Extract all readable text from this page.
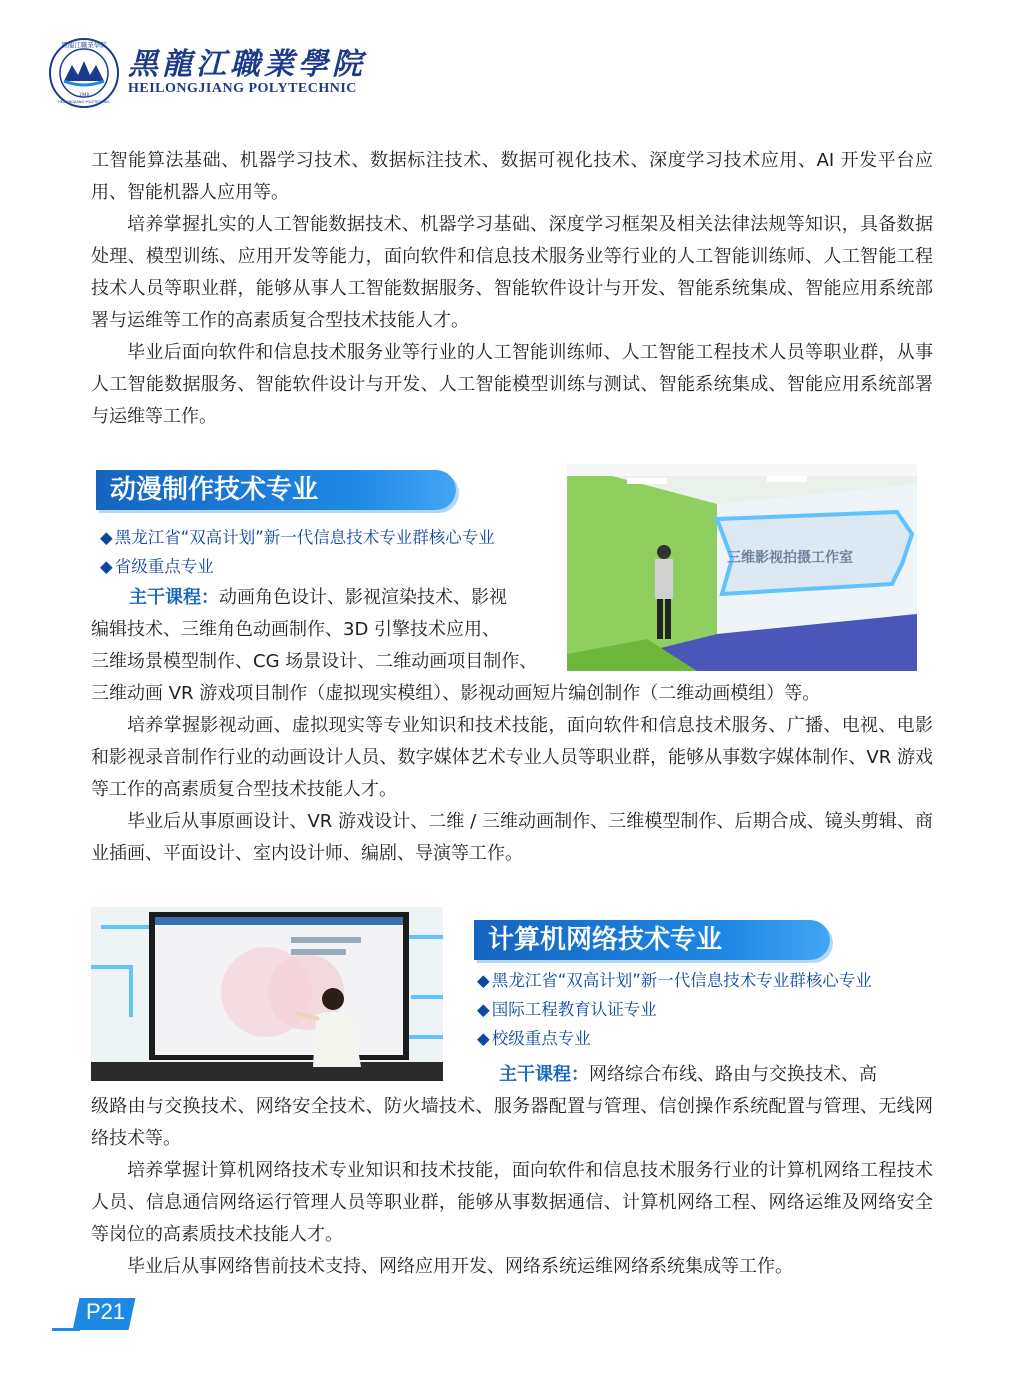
黑龍江職業學院
HEILONGJIANG POLYTECHNIC
1948
黑龍江職業學院
HEILONGJIANG POLYTECHNIC

工智能算法基础、机器学习技术、数据标注技术、数据可视化技术、深度学习技术应用、AI 开发平台应用、智能机器人应用等。

培养掌握扎实的人工智能数据技术、机器学习基础、深度学习框架及相关法律法规等知识，具备数据处理、模型训练、应用开发等能力，面向软件和信息技术服务业等行业的人工智能训练师、人工智能工程技术人员等职业群，能够从事人工智能数据服务、智能软件设计与开发、智能系统集成、智能应用系统部署与运维等工作的高素质复合型技术技能人才。

毕业后面向软件和信息技术服务业等行业的人工智能训练师、人工智能工程技术人员等职业群，从事人工智能数据服务、智能软件设计与开发、人工智能模型训练与测试、智能系统集成、智能应用系统部署与运维等工作。

动漫制作技术专业
◆ 黑龙江省“双高计划”新一代信息技术专业群核心专业
◆ 省级重点专业

主干课程：动画角色设计、影视渲染技术、影视

编辑技术、三维角色动画制作、3D 引擎技术应用、

三维场景模型制作、CG 场景设计、二维动画项目制作、

三维动画 VR 游戏项目制作（虚拟现实模组）、影视动画短片编创制作（二维动画模组）等。

培养掌握影视动画、虚拟现实等专业知识和技术技能，面向软件和信息技术服务、广播、电视、电影和影视录音制作行业的动画设计人员、数字媒体艺术专业人员等职业群，能够从事数字媒体制作、VR 游戏等工作的高素质复合型技术技能人才。

毕业后从事原画设计、VR 游戏设计、二维 / 三维动画制作、三维模型制作、后期合成、镜头剪辑、商业插画、平面设计、室内设计师、编剧、导演等工作。

三维影视拍摄工作室
计算机网络技术专业
◆ 黑龙江省“双高计划”新一代信息技术专业群核心专业
◆ 国际工程教育认证专业
◆ 校级重点专业

主干课程：网络综合布线、路由与交换技术、高

级路由与交换技术、网络安全技术、防火墙技术、服务器配置与管理、信创操作系统配置与管理、无线网络技术等。

培养掌握计算机网络技术专业知识和技术技能，面向软件和信息技术服务行业的计算机网络工程技术人员、信息通信网络运行管理人员等职业群，能够从事数据通信、计算机网络工程、网络运维及网络安全等岗位的高素质技术技能人才。

毕业后从事网络售前技术支持、网络应用开发、网络系统运维网络系统集成等工作。

P21
